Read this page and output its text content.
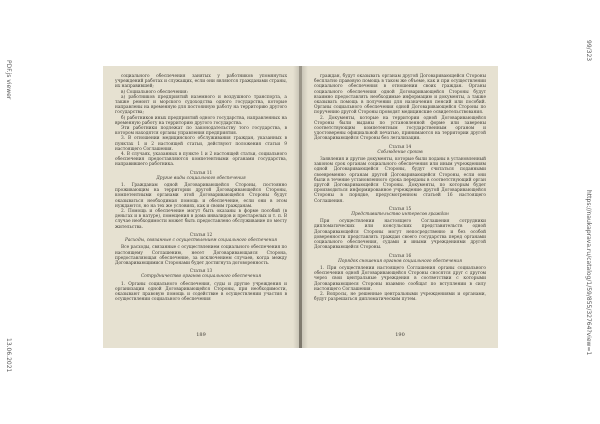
PDF.js viewer
13.06.2021
99/323
https://naukaprava.ru/catalog/1/59/855/32764?view=1

социального обеспечения занятых у работников упомянутых учреждений работах и служащих, если они являются гражданами страны, их направившей;

в) Социального обеспечения:

а) работников предприятий наземного и воздушного транспорта, а также ремонт и морского судоходства одного государства, которые направлены на временную для постоянную работу на территорию другого государства;

б) работников иных предприятий одного государства, направленных на временную работу на территорию другого государства.

Эти работники подлежат по законодательству того государства, в котором находятся органы управления предприятия.

3. В отношении медицинского обслуживания граждан, указанных в пунктах 1 и 2 настоящей статьи, действуют положения статьи 9 настоящего Соглашения.

4. В случаях, указанных в пункте 1 и 2 настоящей статьи, социального обеспечения предоставляются компетентными органами государства, направившего работника.

Статья 11

Другие виды социального обеспечения

1. Гражданам одной Договаривающейся Стороны, постоянно проживающим на территории другой Договаривающейся Стороны, компетентными органами этой Договаривающейся Стороны будут оказываться необходимая помощь и обеспечение, если они в этом нуждаются, но на тех же условиях, как и своим гражданам.

2. Помощь и обеспечение могут быть оказаны в форме пособий (в деньгах и в натуре), помещения в дома инвалидов и престарелых и т. п. В случае необходимости может быть предоставлено обслуживание по месту жительства.

Статья 12

Расходы, связанные с осуществлением социального обеспечения

Все расходы, связанные с осуществлением социального обеспечения по настоящему Соглашению, несет Договаривающаяся Сторона, предоставляющая обеспечение, за исключением случаев, когда между Договаривающимися Сторонами будет достигнута договоренность.

Статья 13

Сотрудничество органов социального обеспечения

1. Органы социального обеспечения, суды и другие учреждения и организации одной Договаривающейся Стороны, при необходимости, оказывают правовую помощь и содействие в осуществлении участия в осуществлении социального обеспечения

189

граждан, будут оказывать органам другой Договаривающейся Стороны бесплатно правовую помощь в таком же объеме, как и при осуществлении социального обеспечения в отношении своих граждан. Органы социального обеспечения одной Договаривающейся Стороны будут взаимно предоставлять необходимые информацию и документы, а также оказывать помощь в получении для назначения пенсий или пособий. Органы социального обеспечения одной Договаривающейся Стороны по поручению другой Стороны проводят медицинские освидетельствования.

2. Документы, которые на территории одной Договаривающейся Стороны были выданы по установленной форме или заверены соответствующим компетентным государственным органом и удостоверены официальной печатью, принимаются на территории другой Договаривающейся Стороны без легализации.

Статья 14

Соблюдение сроков

Заявления и другие документы, которые были поданы в установленный законом срок органам социального обеспечения или иным учреждениям одной Договаривающейся Стороны, будут считаться поданными своевременно органам другой Договаривающейся Стороны, если они были в течение установленного срока переданы в соответствующий орган другой Договаривающейся Стороны. Документы, по которым будет производиться информированное учреждение другой Договаривающейся Стороны в порядке, предусмотренном статьей 16 настоящего Соглашения.

Статья 15

Представительство интересов граждан

При осуществлении настоящего Соглашения сотрудники дипломатических или консульских представительств одной Договаривающейся Стороны могут непосредственно и без особой доверенности представлять граждан своего государства перед органами социального обеспечения, судами и иными учреждениями другой Договаривающейся Стороны.

Статья 16

Порядок сношения органов социального обеспечения

1. При осуществлении настоящего Соглашения органы социального обеспечения одной Договаривающейся Стороны сносятся друг с другом через свои центральные учреждения в соответствии с которыми Договаривающиеся Стороны взаимно сообщат по вступлении в силу настоящего Соглашения.

2. Вопросы, не решенные центральными учреждениями и органами, будут разрешаться дипломатическим путем.

190
